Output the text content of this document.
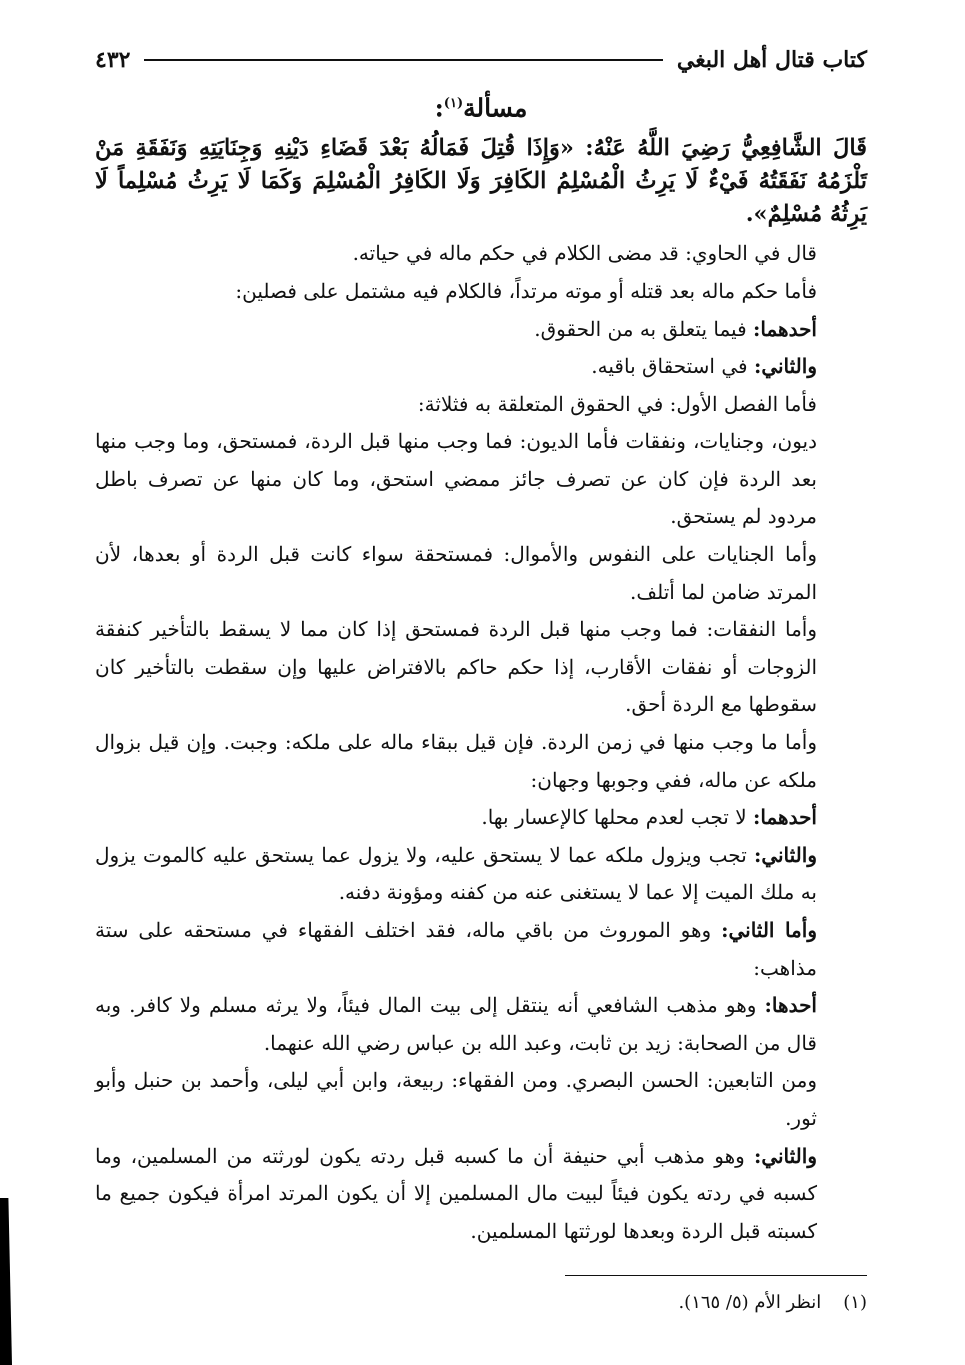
كتاب قتال أهل البغي
٤٣٢
مسألة$^{(١)}$:
قَالَ الشَّافِعِيُّ رَضِيَ اللَّهُ عَنْهُ: «وَإِذَا قُتِلَ فَمَالُهُ بَعْدَ قَضَاءِ دَيْنِهِ وَجِنَايَتِهِ وَنَفَقَةِ مَنْ تَلْزَمُهُ نَفَقَتُهُ فَيْءٌ لَا يَرِثُ الْمُسْلِمُ الكَافِرَ وَلَا الكَافِرُ الْمُسْلِمَ وَكَمَا لَا يَرِثُ مُسْلِماً لَا يَرِثُهُ مُسْلِمٌ».

قال في الحاوي: قد مضى الكلام في حكم ماله في حياته.

فأما حكم ماله بعد قتله أو موته مرتداً، فالكلام فيه مشتمل على فصلين:

أحدهما: فيما يتعلق به من الحقوق.

والثاني: في استحقاق باقيه.

فأما الفصل الأول: في الحقوق المتعلقة به فثلاثة:

ديون، وجنايات، ونفقات فأما الديون: فما وجب منها قبل الردة، فمستحق، وما وجب منها بعد الردة فإن كان عن تصرف جائز ممضي استحق، وما كان منها عن تصرف باطل مردود لم يستحق.

وأما الجنايات على النفوس والأموال: فمستحقة سواء كانت قبل الردة أو بعدها، لأن المرتد ضامن لما أتلف.

وأما النفقات: فما وجب منها قبل الردة فمستحق إذا كان مما لا يسقط بالتأخير كنفقة الزوجات أو نفقات الأقارب، إذا حكم حاكم بالافتراض عليها وإن سقطت بالتأخير كان سقوطها مع الردة أحق.

وأما ما وجب منها في زمن الردة. فإن قيل ببقاء ماله على ملكه: وجبت. وإن قيل بزوال ملكه عن ماله، ففي وجوبها وجهان:

أحدهما: لا تجب لعدم محلها كالإعسار بها.

والثاني: تجب ويزول ملكه عما لا يستحق عليه، ولا يزول عما يستحق عليه كالموت يزول به ملك الميت إلا عما لا يستغنى عنه من كفنه ومؤونة دفنه.

وأما الثاني: وهو الموروث من باقي ماله، فقد اختلف الفقهاء في مستحقه على ستة مذاهب:

أحدها: وهو مذهب الشافعي أنه ينتقل إلى بيت المال فيئاً، ولا يرثه مسلم ولا كافر. وبه قال من الصحابة: زيد بن ثابت، وعبد الله بن عباس رضي الله عنهما.

ومن التابعين: الحسن البصري. ومن الفقهاء: ربيعة، وابن أبي ليلى، وأحمد بن حنبل وأبو ثور.

والثاني: وهو مذهب أبي حنيفة أن ما كسبه قبل ردته يكون لورثته من المسلمين، وما كسبه في ردته يكون فيئاً لبيت مال المسلمين إلا أن يكون المرتد امرأة فيكون جميع ما كسبته قبل الردة وبعدها لورثتها المسلمين.

(١)انظر الأم (٥/ ١٦٥).
